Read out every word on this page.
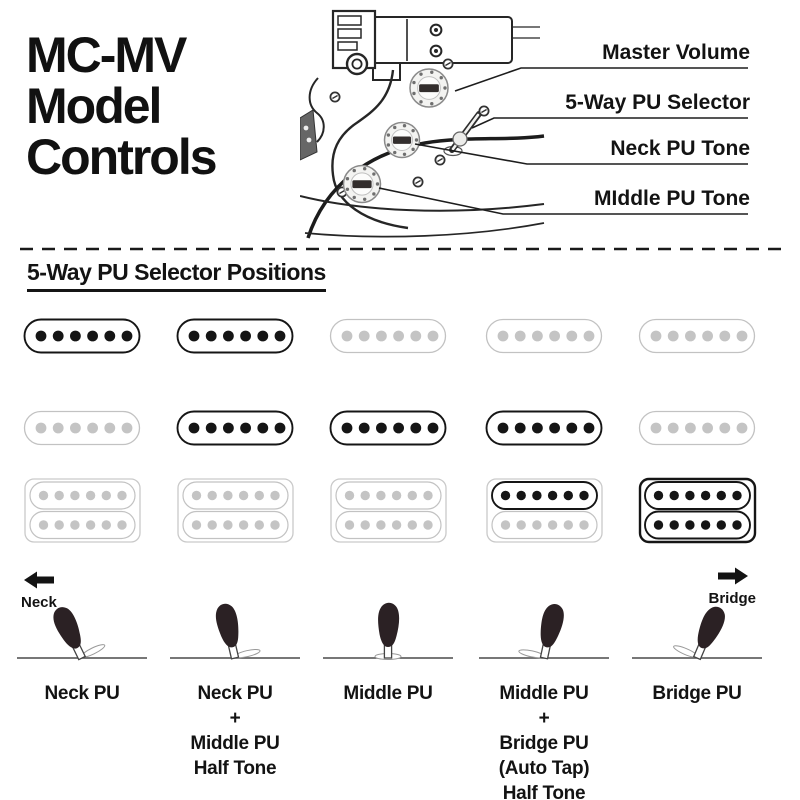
MC-MV
Model
Controls
Master Volume
5-Way PU Selector
Neck PU Tone
MIddle PU Tone
5-Way PU Selector Positions
Neck	Bridge
Neck PU	Neck PU
+
Middle PU
Half Tone
Middle PU	Middle PU
+
Bridge PU
(Auto Tap)
Half Tone
Bridge PU
